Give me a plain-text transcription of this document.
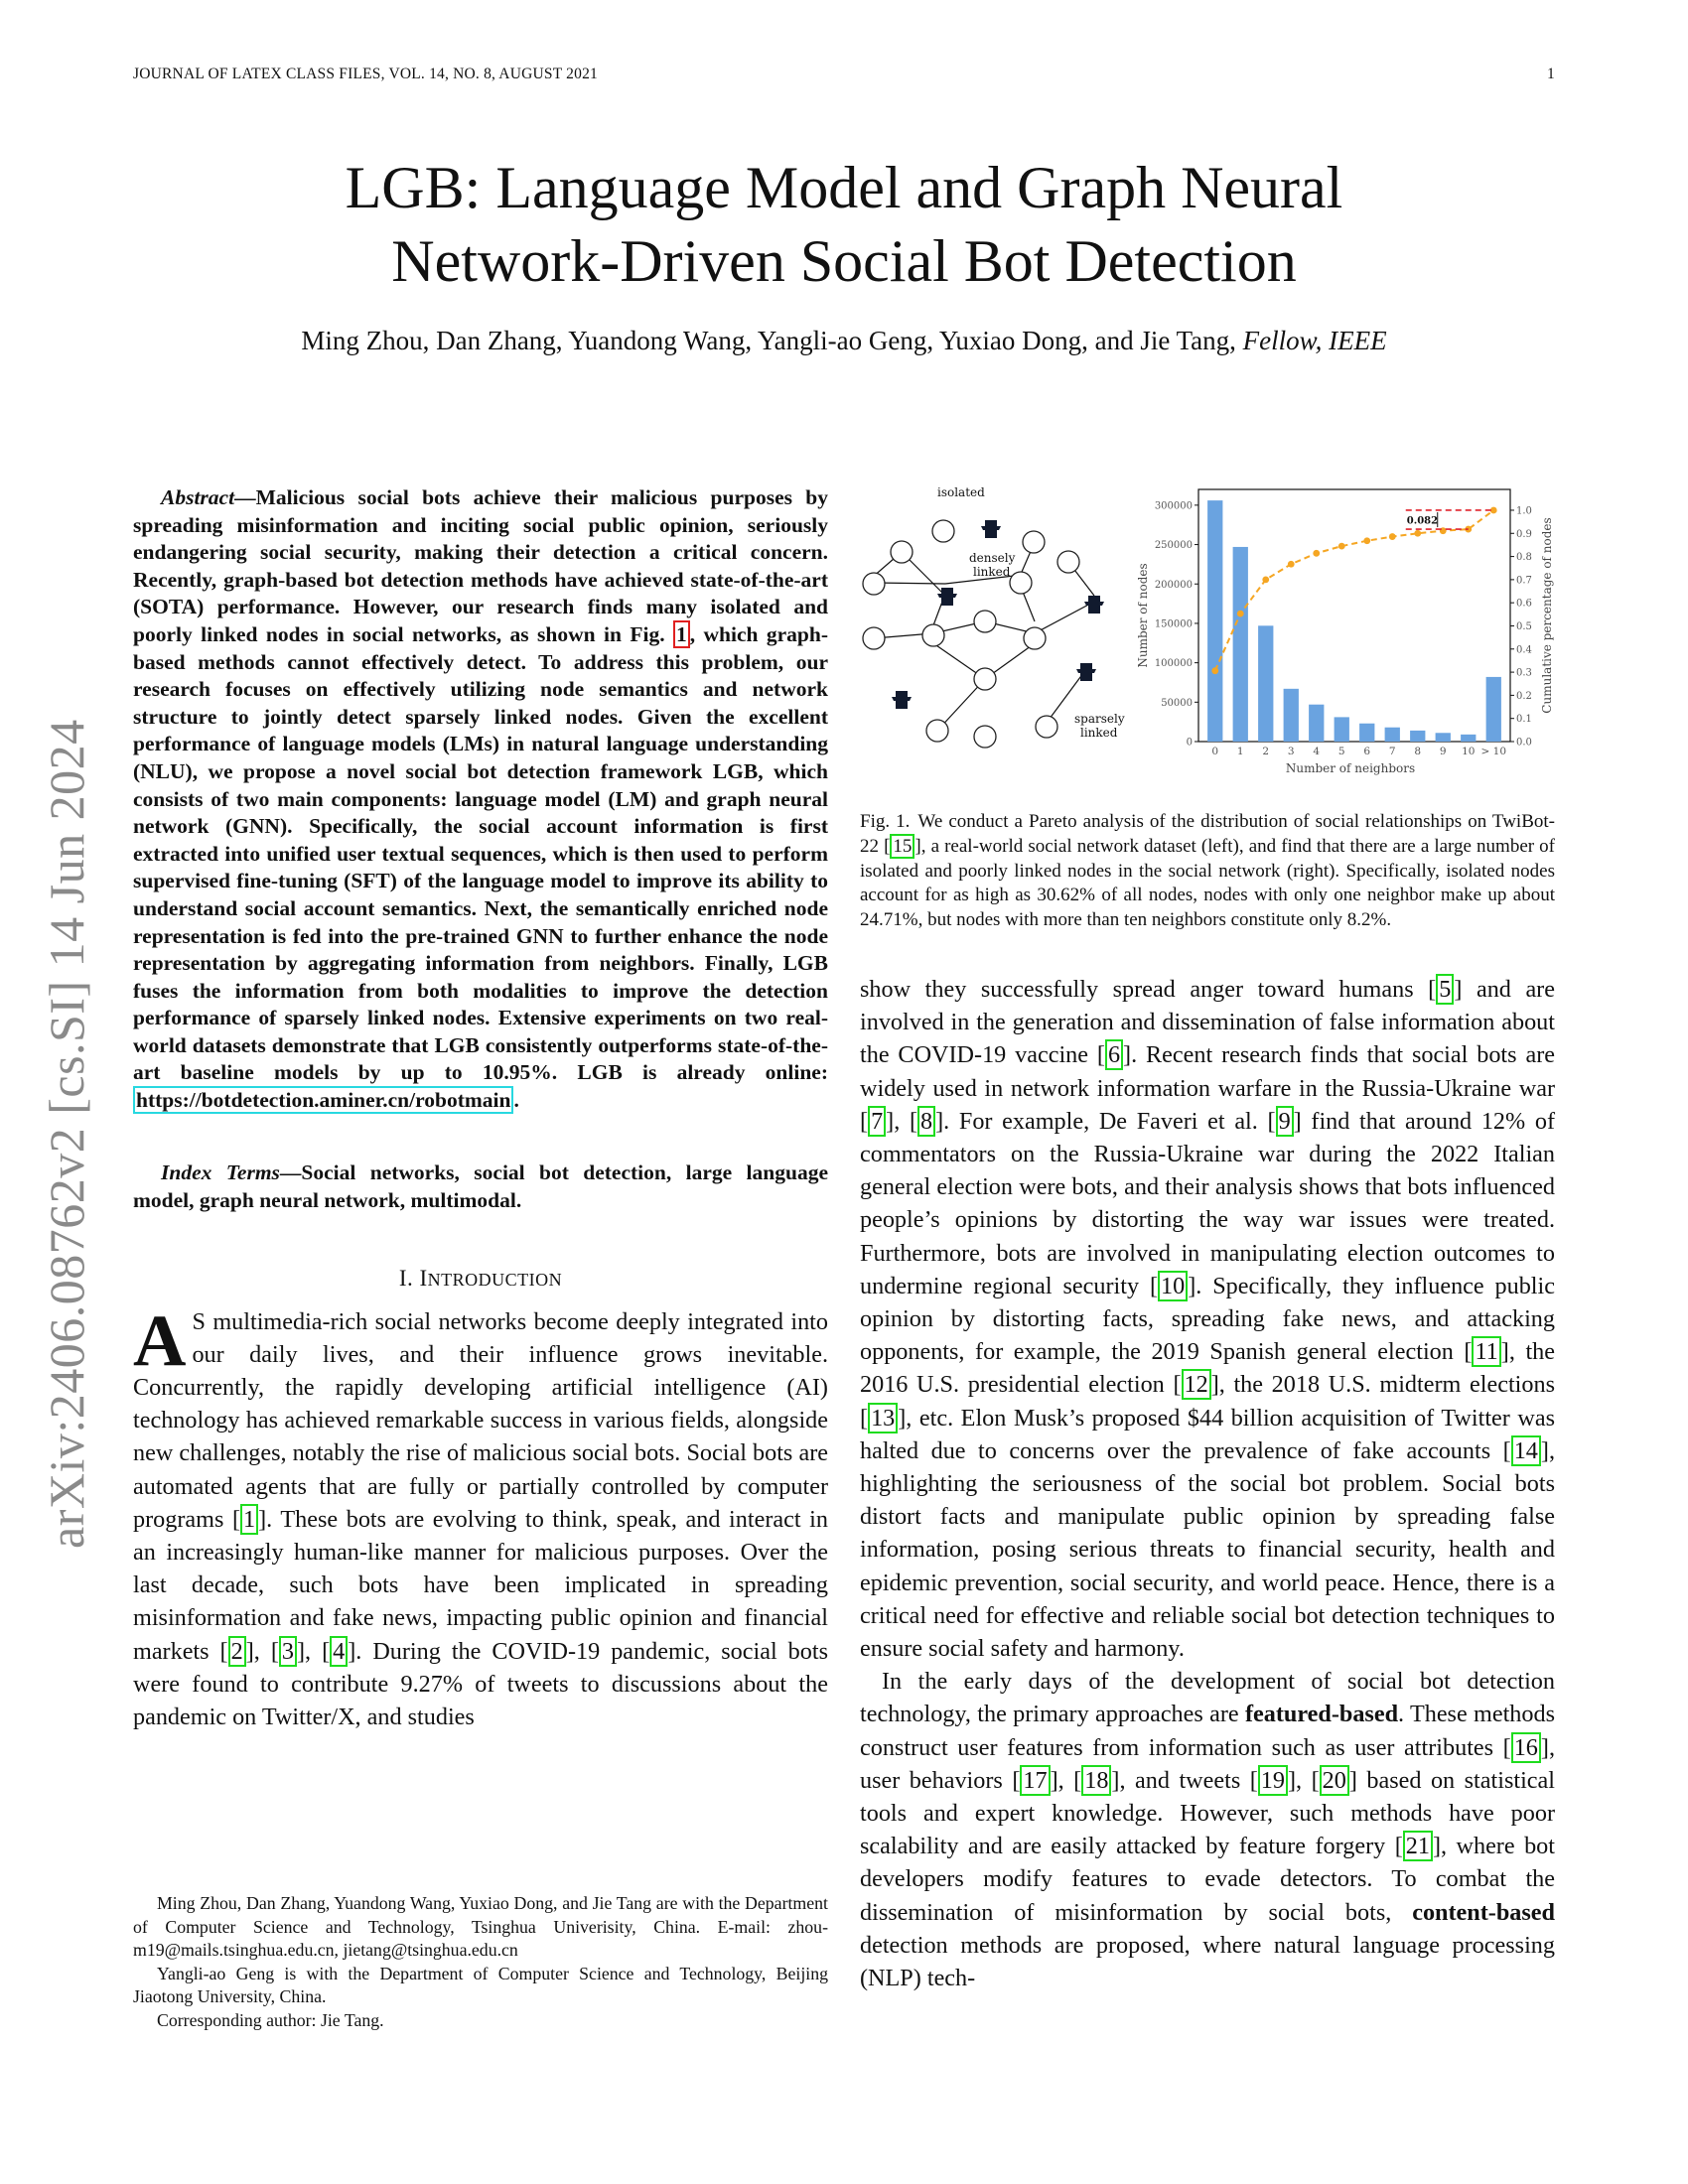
JOURNAL OF LATEX CLASS FILES, VOL. 14, NO. 8, AUGUST 2021	1
arXiv:2406.08762v2 [cs.SI] 14 Jun 2024
LGB: Language Model and Graph Neural
Network-Driven Social Bot Detection
Ming Zhou, Dan Zhang, Yuandong Wang, Yangli-ao Geng, Yuxiao Dong, and Jie Tang, Fellow, IEEE

Abstract—Malicious social bots achieve their malicious purposes by spreading misinformation and inciting social public opinion, seriously endangering social security, making their detection a critical concern. Recently, graph-based bot detection methods have achieved state-of-the-art (SOTA) performance. However, our research finds many isolated and poorly linked nodes in social networks, as shown in Fig. 1 , which graph-based methods cannot effectively detect. To address this problem, our research focuses on effectively utilizing node semantics and network structure to jointly detect sparsely linked nodes. Given the excellent performance of language models (LMs) in natural language understanding (NLU), we propose a novel social bot detection framework LGB, which consists of two main components: language model (LM) and graph neural network (GNN). Specifically, the social account information is first extracted into unified user textual sequences, which is then used to perform supervised fine-tuning (SFT) of the language model to improve its ability to understand social account semantics. Next, the semantically enriched node representation is fed into the pre-trained GNN to further enhance the node representation by aggregating information from neighbors. Finally, LGB fuses the information from both modalities to improve the detection performance of sparsely linked nodes. Extensive experiments on two real-world datasets demonstrate that LGB consistently outperforms state-of-the-art baseline models by up to 10.95%. LGB is already online: https://botdetection.aminer.cn/robotmain .

Index Terms—Social networks, social bot detection, large language model, graph neural network, multimodal.

I. INTRODUCTION

A S multimedia-rich social networks become deeply integrated into our daily lives, and their influence grows inevitable. Concurrently, the rapidly developing artificial intelligence (AI) technology has achieved remarkable success in various fields, alongside new challenges, notably the rise of malicious social bots. Social bots are automated agents that are fully or partially controlled by computer programs [ 1 ]. These bots are evolving to think, speak, and interact in an increasingly human-like manner for malicious purposes. Over the last decade, such bots have been implicated in spreading misinformation and fake news, impacting public opinion and financial markets [ 2 ], [ 3 ], [ 4 ]. During the COVID-19 pandemic, social bots were found to contribute 9.27% of tweets to discussions about the pandemic on Twitter/X, and studies

Ming Zhou, Dan Zhang, Yuandong Wang, Yuxiao Dong, and Jie Tang are with the Department of Computer Science and Technology, Tsinghua Univerisity, China. E-mail: zhou-m19@mails.tsinghua.edu.cn, jietang@tsinghua.edu.cn

Yangli-ao Geng is with the Department of Computer Science and Technology, Beijing Jiaotong University, China.

Corresponding author: Jie Tang.

isolated
densely
linked
sparsely
linked
0
50000
100000
150000
200000
250000
300000
0.0
0.1
0.2
0.3
0.4
0.5
0.6
0.7
0.8
0.9
1.0
0 1 2 3 4 5 6 7 8 9 10 > 10
0.082
Number of neighbors
Number of nodes	Cumulative percentage of nodes
Fig. 1. We conduct a Pareto analysis of the distribution of social relationships on TwiBot-22 [ 15 ], a real-world social network dataset (left), and find that there are a large number of isolated and poorly linked nodes in the social network (right). Specifically, isolated nodes account for as high as 30.62% of all nodes, nodes with only one neighbor make up about 24.71%, but nodes with more than ten neighbors constitute only 8.2%.

show they successfully spread anger toward humans [ 5 ] and are involved in the generation and dissemination of false information about the COVID-19 vaccine [ 6 ]. Recent research finds that social bots are widely used in network information warfare in the Russia-Ukraine war [ 7 ], [ 8 ]. For example, De Faveri et al. [ 9 ] find that around 12% of commentators on the Russia-Ukraine war during the 2022 Italian general election were bots, and their analysis shows that bots influenced people’s opinions by distorting the way war issues were treated. Furthermore, bots are involved in manipulating election outcomes to undermine regional security [ 10 ]. Specifically, they influence public opinion by distorting facts, spreading fake news, and attacking opponents, for example, the 2019 Spanish general election [ 11 ], the 2016 U.S. presidential election [ 12 ], the 2018 U.S. midterm elections [ 13 ], etc. Elon Musk’s proposed $44 billion acquisition of Twitter was halted due to concerns over the prevalence of fake accounts [ 14 ], highlighting the seriousness of the social bot problem. Social bots distort facts and manipulate public opinion by spreading false information, posing serious threats to financial security, health and epidemic prevention, social security, and world peace. Hence, there is a critical need for effective and reliable social bot detection techniques to ensure social safety and harmony.

In the early days of the development of social bot detection technology, the primary approaches are featured-based. These methods construct user features from information such as user attributes [ 16 ], user behaviors [ 17 ], [ 18 ], and tweets [ 19 ], [ 20 ] based on statistical tools and expert knowledge. However, such methods have poor scalability and are easily attacked by feature forgery [ 21 ], where bot developers modify features to evade detectors. To combat the dissemination of misinformation by social bots, content-based detection methods are proposed, where natural language processing (NLP) tech-
